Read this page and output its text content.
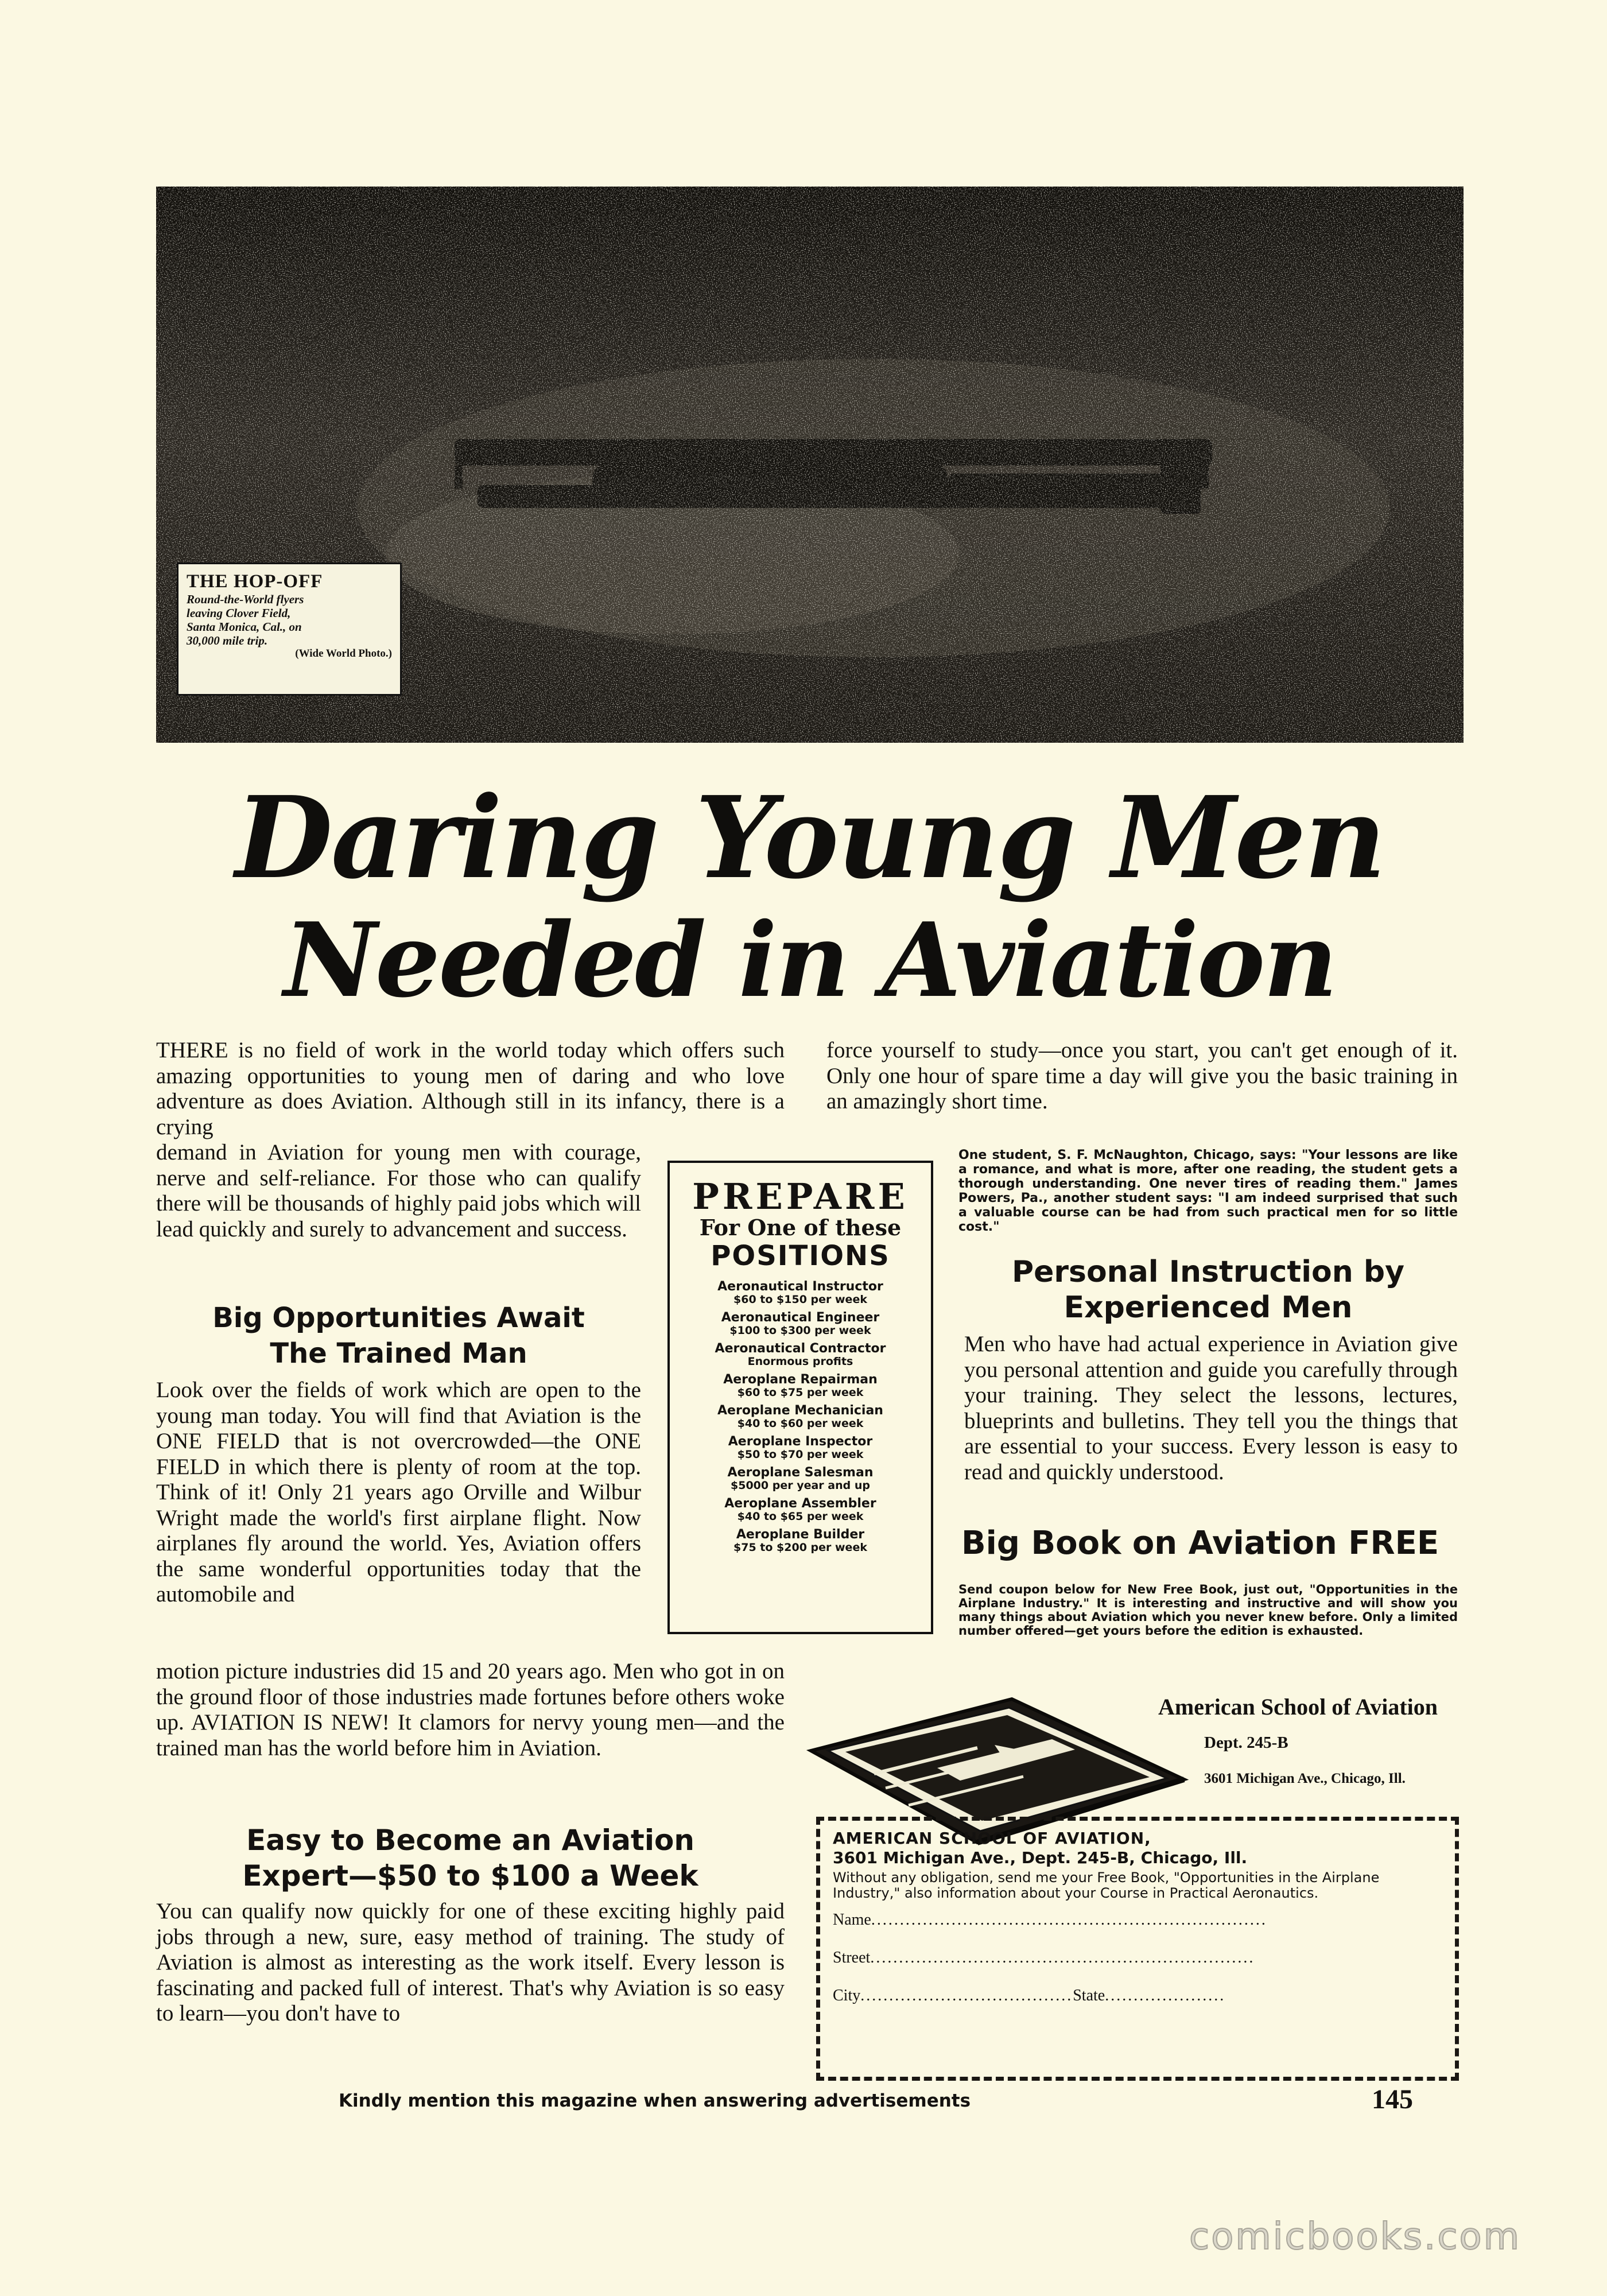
THE HOP-OFF
Round-the-World flyers
leaving Clover Field,
Santa Monica, Cal., on
30,000 mile trip.
(Wide World Photo.)
Daring Young Men
Needed in Aviation

THERE is no field of work in the world today which offers such amazing opportunities to young men of daring and who love adventure as does Aviation. Although still in its infancy, there is a crying

demand in Aviation for young men with courage, nerve and self-reliance. For those who can qualify there will be thousands of highly paid jobs which will lead quickly and surely to advancement and success.

Big Opportunities Await
The Trained Man

Look over the fields of work which are open to the young man today. You will find that Aviation is the ONE FIELD that is not overcrowded—the ONE FIELD in which there is plenty of room at the top. Think of it! Only 21 years ago Orville and Wilbur Wright made the world's first airplane flight. Now airplanes fly around the world. Yes, Aviation offers the same wonderful opportunities today that the automobile and

motion picture industries did 15 and 20 years ago. Men who got in on the ground floor of those industries made fortunes before others woke up. AVIATION IS NEW! It clamors for nervy young men—and the trained man has the world before him in Aviation.

Easy to Become an Aviation
Expert—$50 to $100 a Week

You can qualify now quickly for one of these exciting highly paid jobs through a new, sure, easy method of training. The study of Aviation is almost as interesting as the work itself. Every lesson is fascinating and packed full of interest. That's why Aviation is so easy to learn—you don't have to

force yourself to study—once you start, you can't get enough of it. Only one hour of spare time a day will give you the basic training in an amazingly short time.

One student, S. F. McNaughton, Chicago, says: "Your lessons are like a romance, and what is more, after one reading, the student gets a thorough understanding. One never tires of reading them." James Powers, Pa., another student says: "I am indeed surprised that such a valuable course can be had from such practical men for so little cost."
Personal Instruction by
Experienced Men

Men who have had actual experience in Aviation give you personal attention and guide you carefully through your training. They select the lessons, lectures, blueprints and bulletins. They tell you the things that are essential to your success. Every lesson is easy to read and quickly understood.

Big Book on Aviation FREE
Send coupon below for New Free Book, just out, "Opportunities in the Airplane Industry." It is interesting and instructive and will show you many things about Aviation which you never knew before. Only a limited number offered—get yours before the edition is exhausted.
PREPARE
For One of these
POSITIONS
Aeronautical Instructor
$60 to $150 per week
Aeronautical Engineer
$100 to $300 per week
Aeronautical Contractor
Enormous profits
Aeroplane Repairman
$60 to $75 per week
Aeroplane Mechanician
$40 to $60 per week
Aeroplane Inspector
$50 to $70 per week
Aeroplane Salesman
$5000 per year and up
Aeroplane Assembler
$40 to $65 per week
Aeroplane Builder
$75 to $200 per week
American School of Aviation
Dept. 245-B
3601 Michigan Ave., Chicago, Ill.
AMERICAN SCHOOL OF AVIATION,
3601 Michigan Ave., Dept. 245-B, Chicago, Ill.
Without any obligation, send me your Free Book, "Opportunities in the Airplane Industry," also information about your Course in Practical Aeronautics.
Name.....................................................................
Street...................................................................
City.....................................State.....................
Kindly mention this magazine when answering advertisements	145
comicbooks.com
